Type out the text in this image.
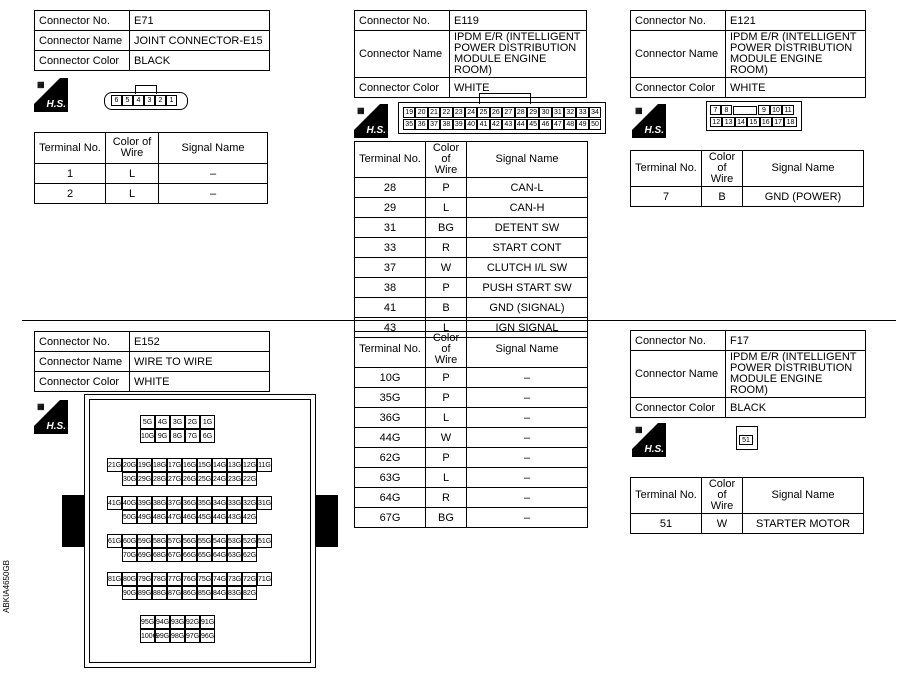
Connector No.	E71
Connector Name	JOINT CONNECTOR-E15
Connector Color	BLACK
▦
H.S.	6	5	4	3	2	1
Terminal No.	Color of Wire	Signal Name
1	L	–
2	L	–
Connector No.	E119
Connector Name	IPDM E/R (INTELLIGENT POWER DISTRIBUTION MODULE ENGINE ROOM)
Connector Color	WHITE
▦
H.S.
19 20 21 22 23 24 25 26 27 28 29 30 31 32 33 34
35 36 37 38 39 40 41 42 43 44 45 46 47 48 49 50
Terminal No.	Color of Wire	Signal Name
28	P	CAN-L
29	L	CAN-H
31	BG	DETENT SW
33	R	START CONT
37	W	CLUTCH I/L SW
38	P	PUSH START SW
41	B	GND (SIGNAL)
43	L	IGN SIGNAL
Connector No.	E121
Connector Name	IPDM E/R (INTELLIGENT POWER DISTRIBUTION MODULE ENGINE ROOM)
Connector Color	WHITE
▦
H.S.
7	8	9 10 11
12 13 14 15 16 17 18
Terminal No.	Color of Wire	Signal Name
7	B	GND (POWER)
Connector No.	E152
Connector Name	WIRE TO WIRE
Connector Color	WHITE
▦
H.S.	5G 4G 3G 2G 1G
10G 9G 8G 7G 6G
21G 20G 19G 18G 17G 16G 15G 14G 13G 12G 11G
30G 29G 28G 27G 26G 25G 24G 23G 22G
41G 40G 39G 38G 37G 36G 35G 34G 33G 32G 31G
50G 49G 48G 47G 46G 45G 44G 43G 42G
61G 60G 59G 58G 57G 56G 55G 54G 53G 52G 51G
70G 69G 68G 67G 66G 65G 64G 63G 62G
81G 80G 79G 78G 77G 76G 75G 74G 73G 72G 71G
90G 89G 88G 87G 86G 85G 84G 83G 82G
95G 94G 93G 92G 91G
100G
99G 98G 97G 96G
Terminal No.	Color of Wire	Signal Name
10G	P	–
35G	P	–
36G	L	–
44G	W	–
62G	P	–
63G	L	–
64G	R	–
67G	BG	–
Connector No.	F17
Connector Name	IPDM E/R (INTELLIGENT POWER DISTRIBUTION MODULE ENGINE ROOM)
Connector Color	BLACK
▦
H.S.
51
Terminal No.	Color of Wire	Signal Name
51	W	STARTER MOTOR
ABKIA4650GB
